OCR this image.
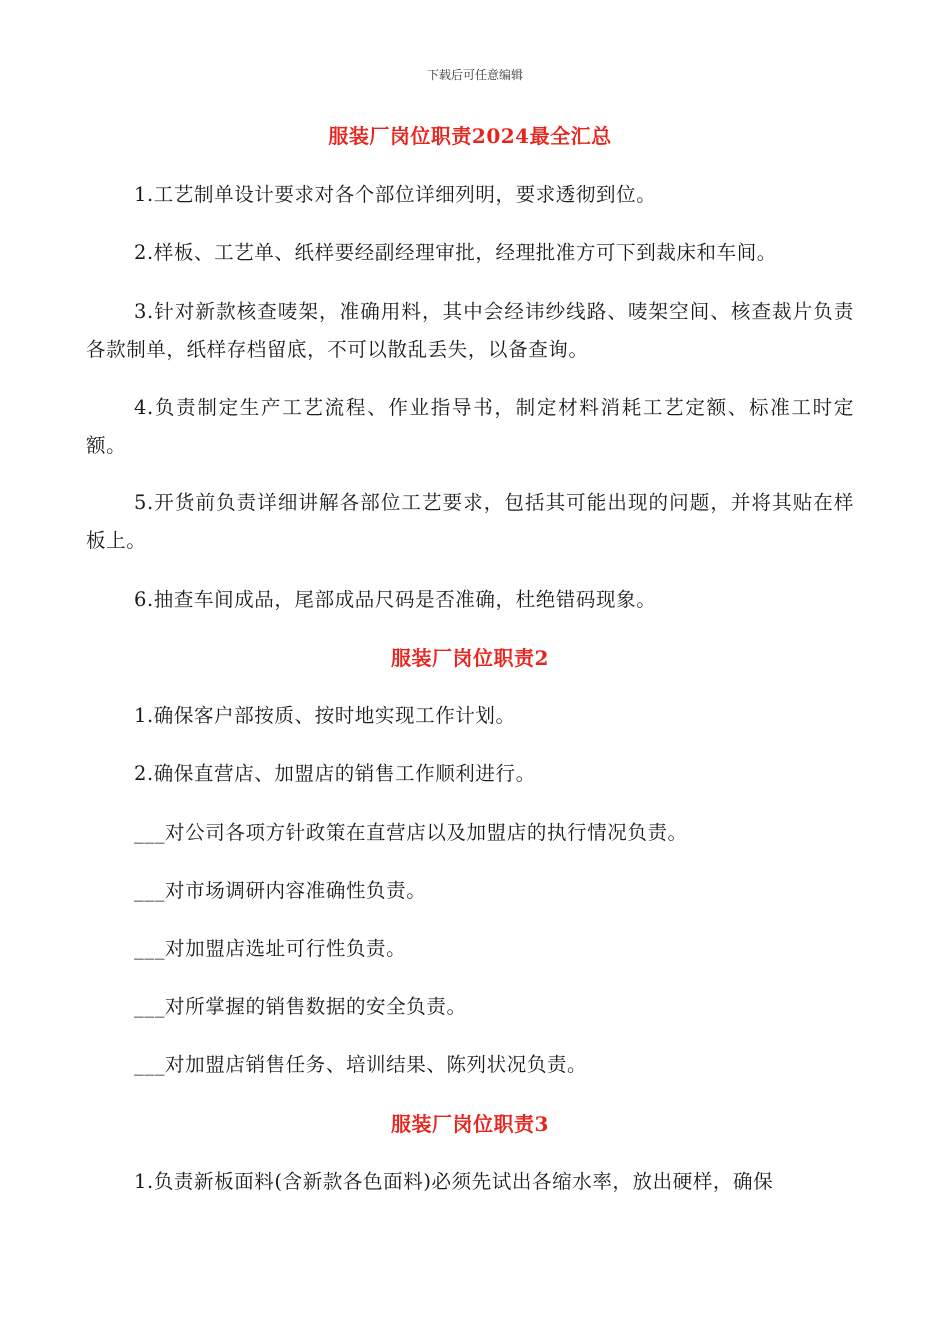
下载后可任意编辑
服装厂岗位职责2024最全汇总
1.工艺制单设计要求对各个部位详细列明，要求透彻到位。
2.样板、工艺单、纸样要经副经理审批，经理批准方可下到裁床和车间。
3.针对新款核查唛架，准确用料，其中会经讳纱线路、唛架空间、核查裁片负责各款制单，纸样存档留底，不可以散乱丢失，以备查询。
4.负责制定生产工艺流程、作业指导书，制定材料消耗工艺定额、标准工时定额。
5.开货前负责详细讲解各部位工艺要求，包括其可能出现的问题，并将其贴在样板上。
6.抽查车间成品，尾部成品尺码是否准确，杜绝错码现象。
服装厂岗位职责2
1.确保客户部按质、按时地实现工作计划。
2.确保直营店、加盟店的销售工作顺利进行。
___对公司各项方针政策在直营店以及加盟店的执行情况负责。
___对市场调研内容准确性负责。
___对加盟店选址可行性负责。
___对所掌握的销售数据的安全负责。
___对加盟店销售任务、培训结果、陈列状况负责。
服装厂岗位职责3
1.负责新板面料(含新款各色面料)必须先试出各缩水率，放出硬样，确保
